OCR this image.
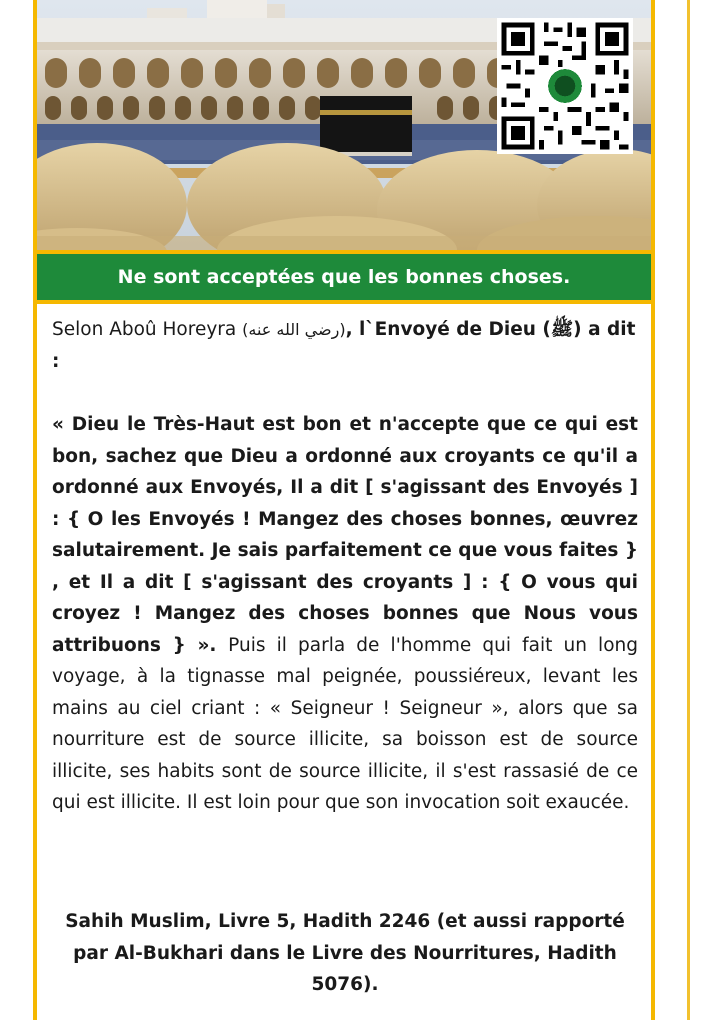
Ne sont acceptées que les bonnes choses.

Selon Aboû Horeyra (رضي الله عنه), l`Envoyé de Dieu (ﷺ) a dit :

« Dieu le Très-Haut est bon et n'accepte que ce qui est bon, sachez que Dieu a ordonné aux croyants ce qu'il a ordonné aux Envoyés, Il a dit [ s'agissant des Envoyés ] : { O les Envoyés ! Mangez des choses bonnes, œuvrez salutairement. Je sais parfaitement ce que vous faites } , et Il a dit [ s'agissant des croyants ] : { O vous qui croyez ! Mangez des choses bonnes que Nous vous attribuons } ». Puis il parla de l'homme qui fait un long voyage, à la tignasse mal peignée, poussiéreux, levant les mains au ciel criant : « Seigneur ! Seigneur », alors que sa nourriture est de source illicite, sa boisson est de source illicite, ses habits sont de source illicite, il s'est rassasié de ce qui est illicite. Il est loin pour que son invocation soit exaucée.

Sahih Muslim, Livre 5, Hadith 2246 (et aussi rapporté par Al-Bukhari dans le Livre des Nourritures, Hadith 5076).
